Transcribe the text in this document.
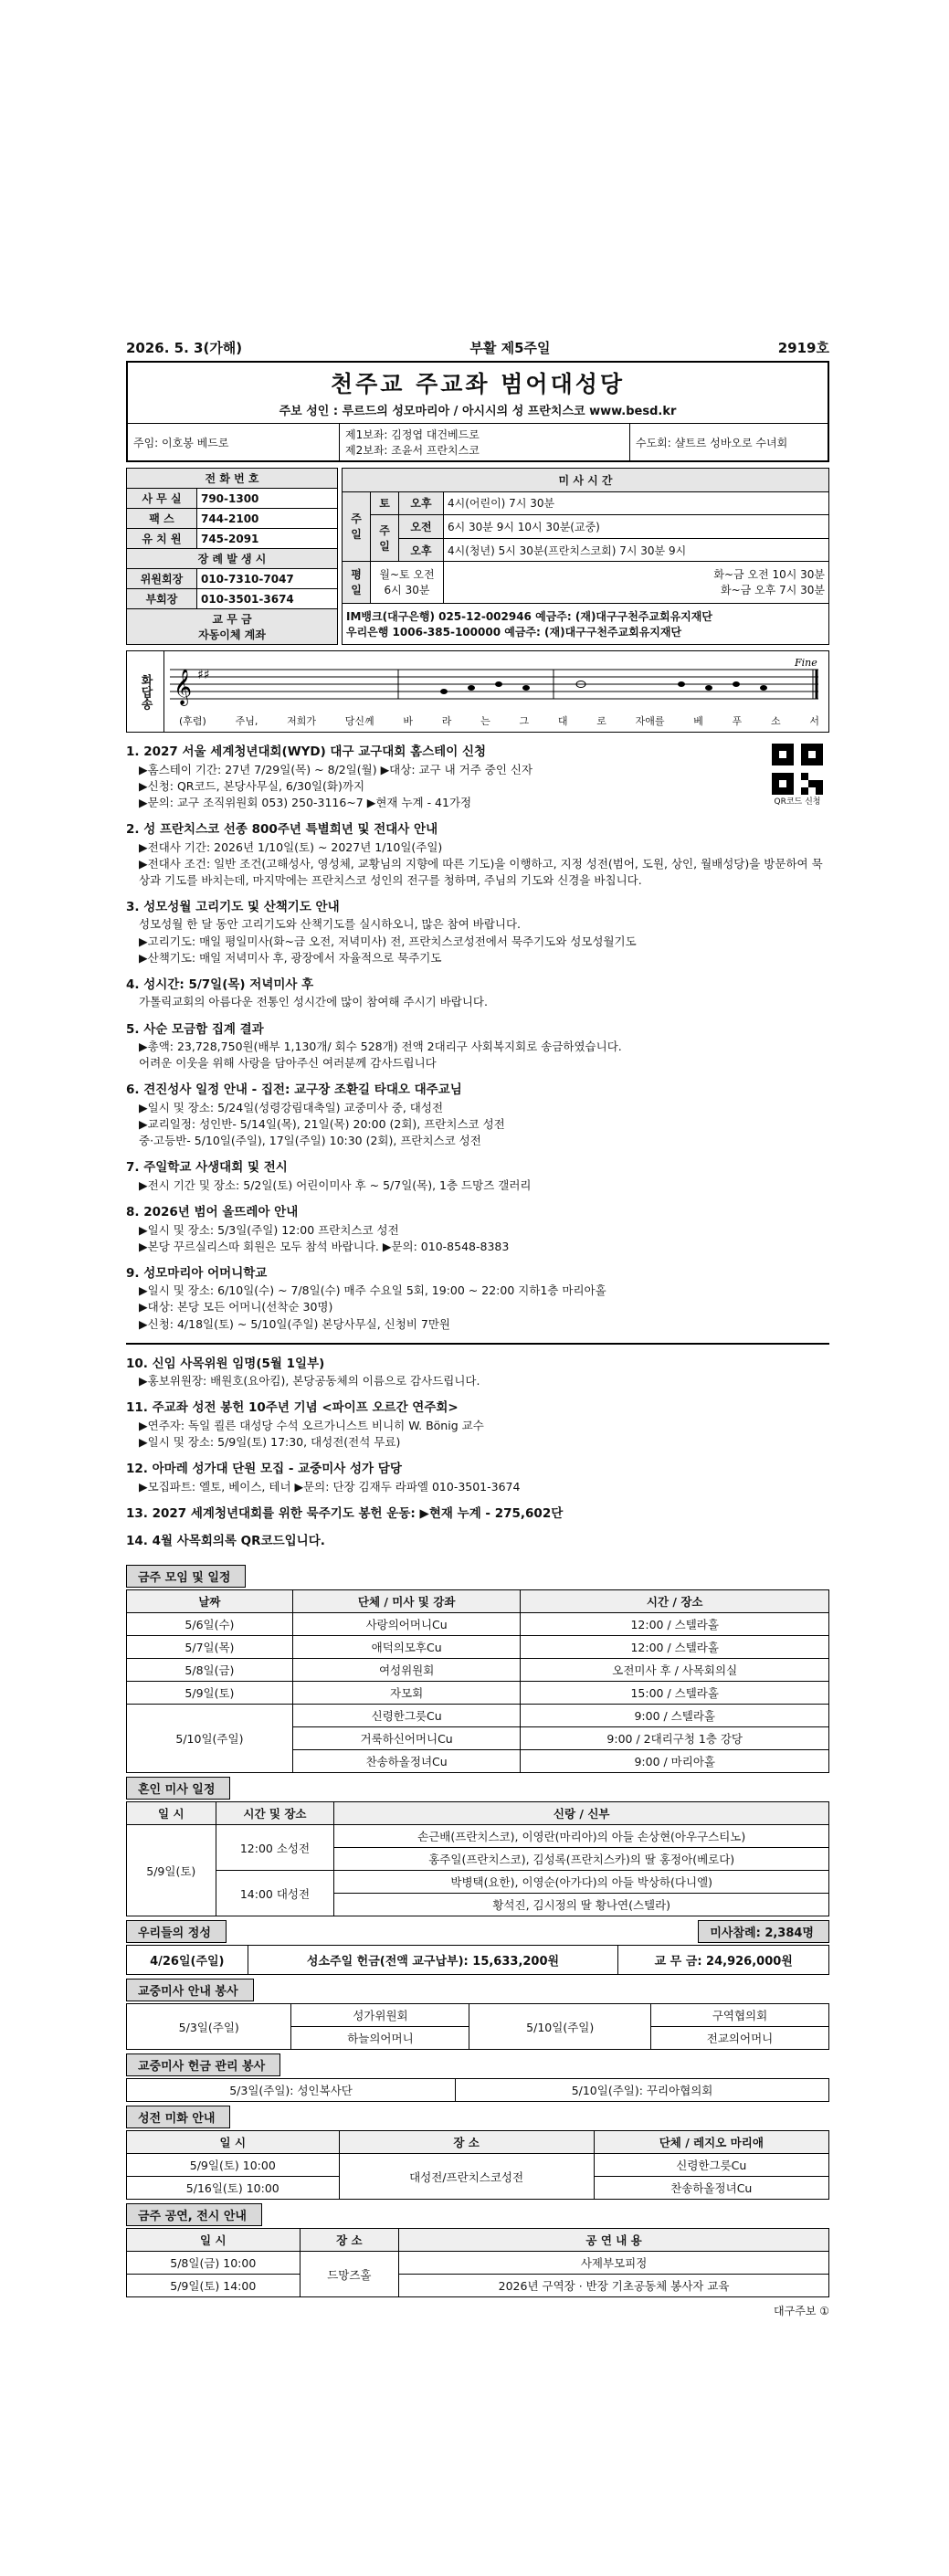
2026. 5. 3(가해)	부활 제5주일	2919호
천주교 주교좌 범어대성당
주보 성인 : 루르드의 성모마리아 / 아시시의 성 프란치스코 www.besd.kr
주임: 이호봉 베드로
제1보좌: 김정엽 대건베드로
제2보좌: 조윤서 프란치스코
수도회: 샬트르 성바오로 수녀회
전 화 번 호	
사 무 실	790-1300
팩 스	744-2100
유 치 원	745-2091
장 례 발 생 시	
위원회장	010-7310-7047
부회장	010-3501-3674

교 무 금
자동이체 계좌	
미 사 시 간			
주일	토	오후	4시(어린이) 7시 30분
	주일	오전	6시 30분 9시 10시 30분(교중)
		오후	4시(청년) 5시 30분(프란치스코회) 7시 30분 9시
평일	월~토 오전 6시 30분		화~금 오전 10시 30분
화~금 오후 7시 30분

IM뱅크(대구은행) 025-12-002946 예금주: (재)대구구천주교회유지재단
우리은행 1006-385-100000 예금주: (재)대구구천주교회유지재단			
화답송 𝄞 ♯♯
Fine
(후렴)	주님,	저희가	당신께	바	라	는	그	대	로	자애를	베	푸	소	서
QR코드 신청
1. 2027 서울 세계청년대회(WYD) 대구 교구대회 홈스테이 신청
▶홈스테이 기간: 27년 7/29일(목) ~ 8/2일(월) ▶대상: 교구 내 거주 중인 신자
▶신청: QR코드, 본당사무실, 6/30일(화)까지
▶문의: 교구 조직위원회 053) 250-3116~7 ▶현재 누계 - 41가정
2. 성 프란치스코 선종 800주년 특별희년 및 전대사 안내
▶전대사 기간: 2026년 1/10일(토) ~ 2027년 1/10일(주일)
▶전대사 조건: 일반 조건(고해성사, 영성체, 교황님의 지향에 따른 기도)을 이행하고, 지정 성전(범어, 도원, 상인, 월배성당)을 방문하여 묵상과 기도를 바치는데, 마지막에는 프란치스코 성인의 전구를 청하며, 주님의 기도와 신경을 바칩니다.
3. 성모성월 고리기도 및 산책기도 안내
성모성월 한 달 동안 고리기도와 산책기도를 실시하오니, 많은 참여 바랍니다.
▶고리기도: 매일 평일미사(화~금 오전, 저녁미사) 전, 프란치스코성전에서 묵주기도와 성모성월기도
▶산책기도: 매일 저녁미사 후, 광장에서 자율적으로 묵주기도
4. 성시간: 5/7일(목) 저녁미사 후
가톨릭교회의 아름다운 전통인 성시간에 많이 참여해 주시기 바랍니다.
5. 사순 모금함 집계 결과
▶총액: 23,728,750원(배부 1,130개/ 회수 528개) 전액 2대리구 사회복지회로 송금하였습니다.
어려운 이웃을 위해 사랑을 담아주신 여러분께 감사드립니다
6. 견진성사 일정 안내 - 집전: 교구장 조환길 타대오 대주교님
▶일시 및 장소: 5/24일(성령강림대축일) 교중미사 중, 대성전
▶교리일정: 성인반- 5/14일(목), 21일(목) 20:00 (2회), 프란치스코 성전
중·고등반- 5/10일(주일), 17일(주일) 10:30 (2회), 프란치스코 성전
7. 주일학교 사생대회 및 전시
▶전시 기간 및 장소: 5/2일(토) 어린이미사 후 ~ 5/7일(목), 1층 드망즈 갤러리
8. 2026년 범어 올뜨레아 안내
▶일시 및 장소: 5/3일(주일) 12:00 프란치스코 성전
▶본당 꾸르실리스따 회원은 모두 참석 바랍니다. ▶문의: 010-8548-8383
9. 성모마리아 어머니학교
▶일시 및 장소: 6/10일(수) ~ 7/8일(수) 매주 수요일 5회, 19:00 ~ 22:00 지하1층 마리아홀
▶대상: 본당 모든 어머니(선착순 30명)
▶신청: 4/18일(토) ~ 5/10일(주일) 본당사무실, 신청비 7만원
10. 신임 사목위원 임명(5월 1일부)
▶홍보위원장: 배원호(요아킴), 본당공동체의 이름으로 감사드립니다.
11. 주교좌 성전 봉헌 10주년 기념 <파이프 오르간 연주회>
▶연주자: 독일 쾰른 대성당 수석 오르가니스트 비니히 W. Bönig 교수
▶일시 및 장소: 5/9일(토) 17:30, 대성전(전석 무료)
12. 아마레 성가대 단원 모집 - 교중미사 성가 담당
▶모집파트: 엘토, 베이스, 테너 ▶문의: 단장 김재두 라파엘 010-3501-3674
13. 2027 세계청년대회를 위한 묵주기도 봉헌 운동: ▶현재 누계 - 275,602단
14. 4월 사목회의록 QR코드입니다.
금주 모임 및 일정
날짜	단체 / 미사 및 강좌	시간 / 장소
5/6일(수)	사랑의어머니Cu	12:00 / 스텔라홀
5/7일(목)	애덕의모후Cu	12:00 / 스텔라홀
5/8일(금)	여성위원회	오전미사 후 / 사목회의실
5/9일(토)	자모회	15:00 / 스텔라홀
5/10일(주일)	신령한그릇Cu	9:00 / 스텔라홀
	거룩하신어머니Cu	9:00 / 2대리구청 1층 강당
	찬송하올정녀Cu	9:00 / 마리아홀
혼인 미사 일정
일 시	시간 및 장소	신랑 / 신부
5/9일(토)	12:00 소성전	손근배(프란치스코), 이영란(마리아)의 아들 손상현(아우구스티노)
		홍주일(프란치스코), 김성록(프란치스카)의 딸 홍정아(베로다)
	14:00 대성전	박병택(요한), 이영순(아가다)의 아들 박상하(다니엘)
		황석진, 김시정의 딸 황나연(스텔라)
우리들의 정성	미사참례: 2,384명
4/26일(주일)	성소주일 헌금(전액 교구납부): 15,633,200원	교 무 금: 24,926,000원
교중미사 안내 봉사
5/3일(주일)	성가위원회	5/10일(주일)	구역협의회
	하늘의어머니		전교의어머니
교중미사 헌금 관리 봉사
5/3일(주일): 성인복사단	5/10일(주일): 꾸리아협의회
성전 미화 안내
일 시	장 소	단체 / 레지오 마리애
5/9일(토) 10:00	대성전/프란치스코성전	신령한그릇Cu
5/16일(토) 10:00		찬송하올정녀Cu
금주 공연, 전시 안내
일 시	장 소	공 연 내 용
5/8일(금) 10:00	드망즈홀	사제부모피정
5/9일(토) 14:00		2026년 구역장 · 반장 기초공동체 봉사자 교육
대구주보 ①
